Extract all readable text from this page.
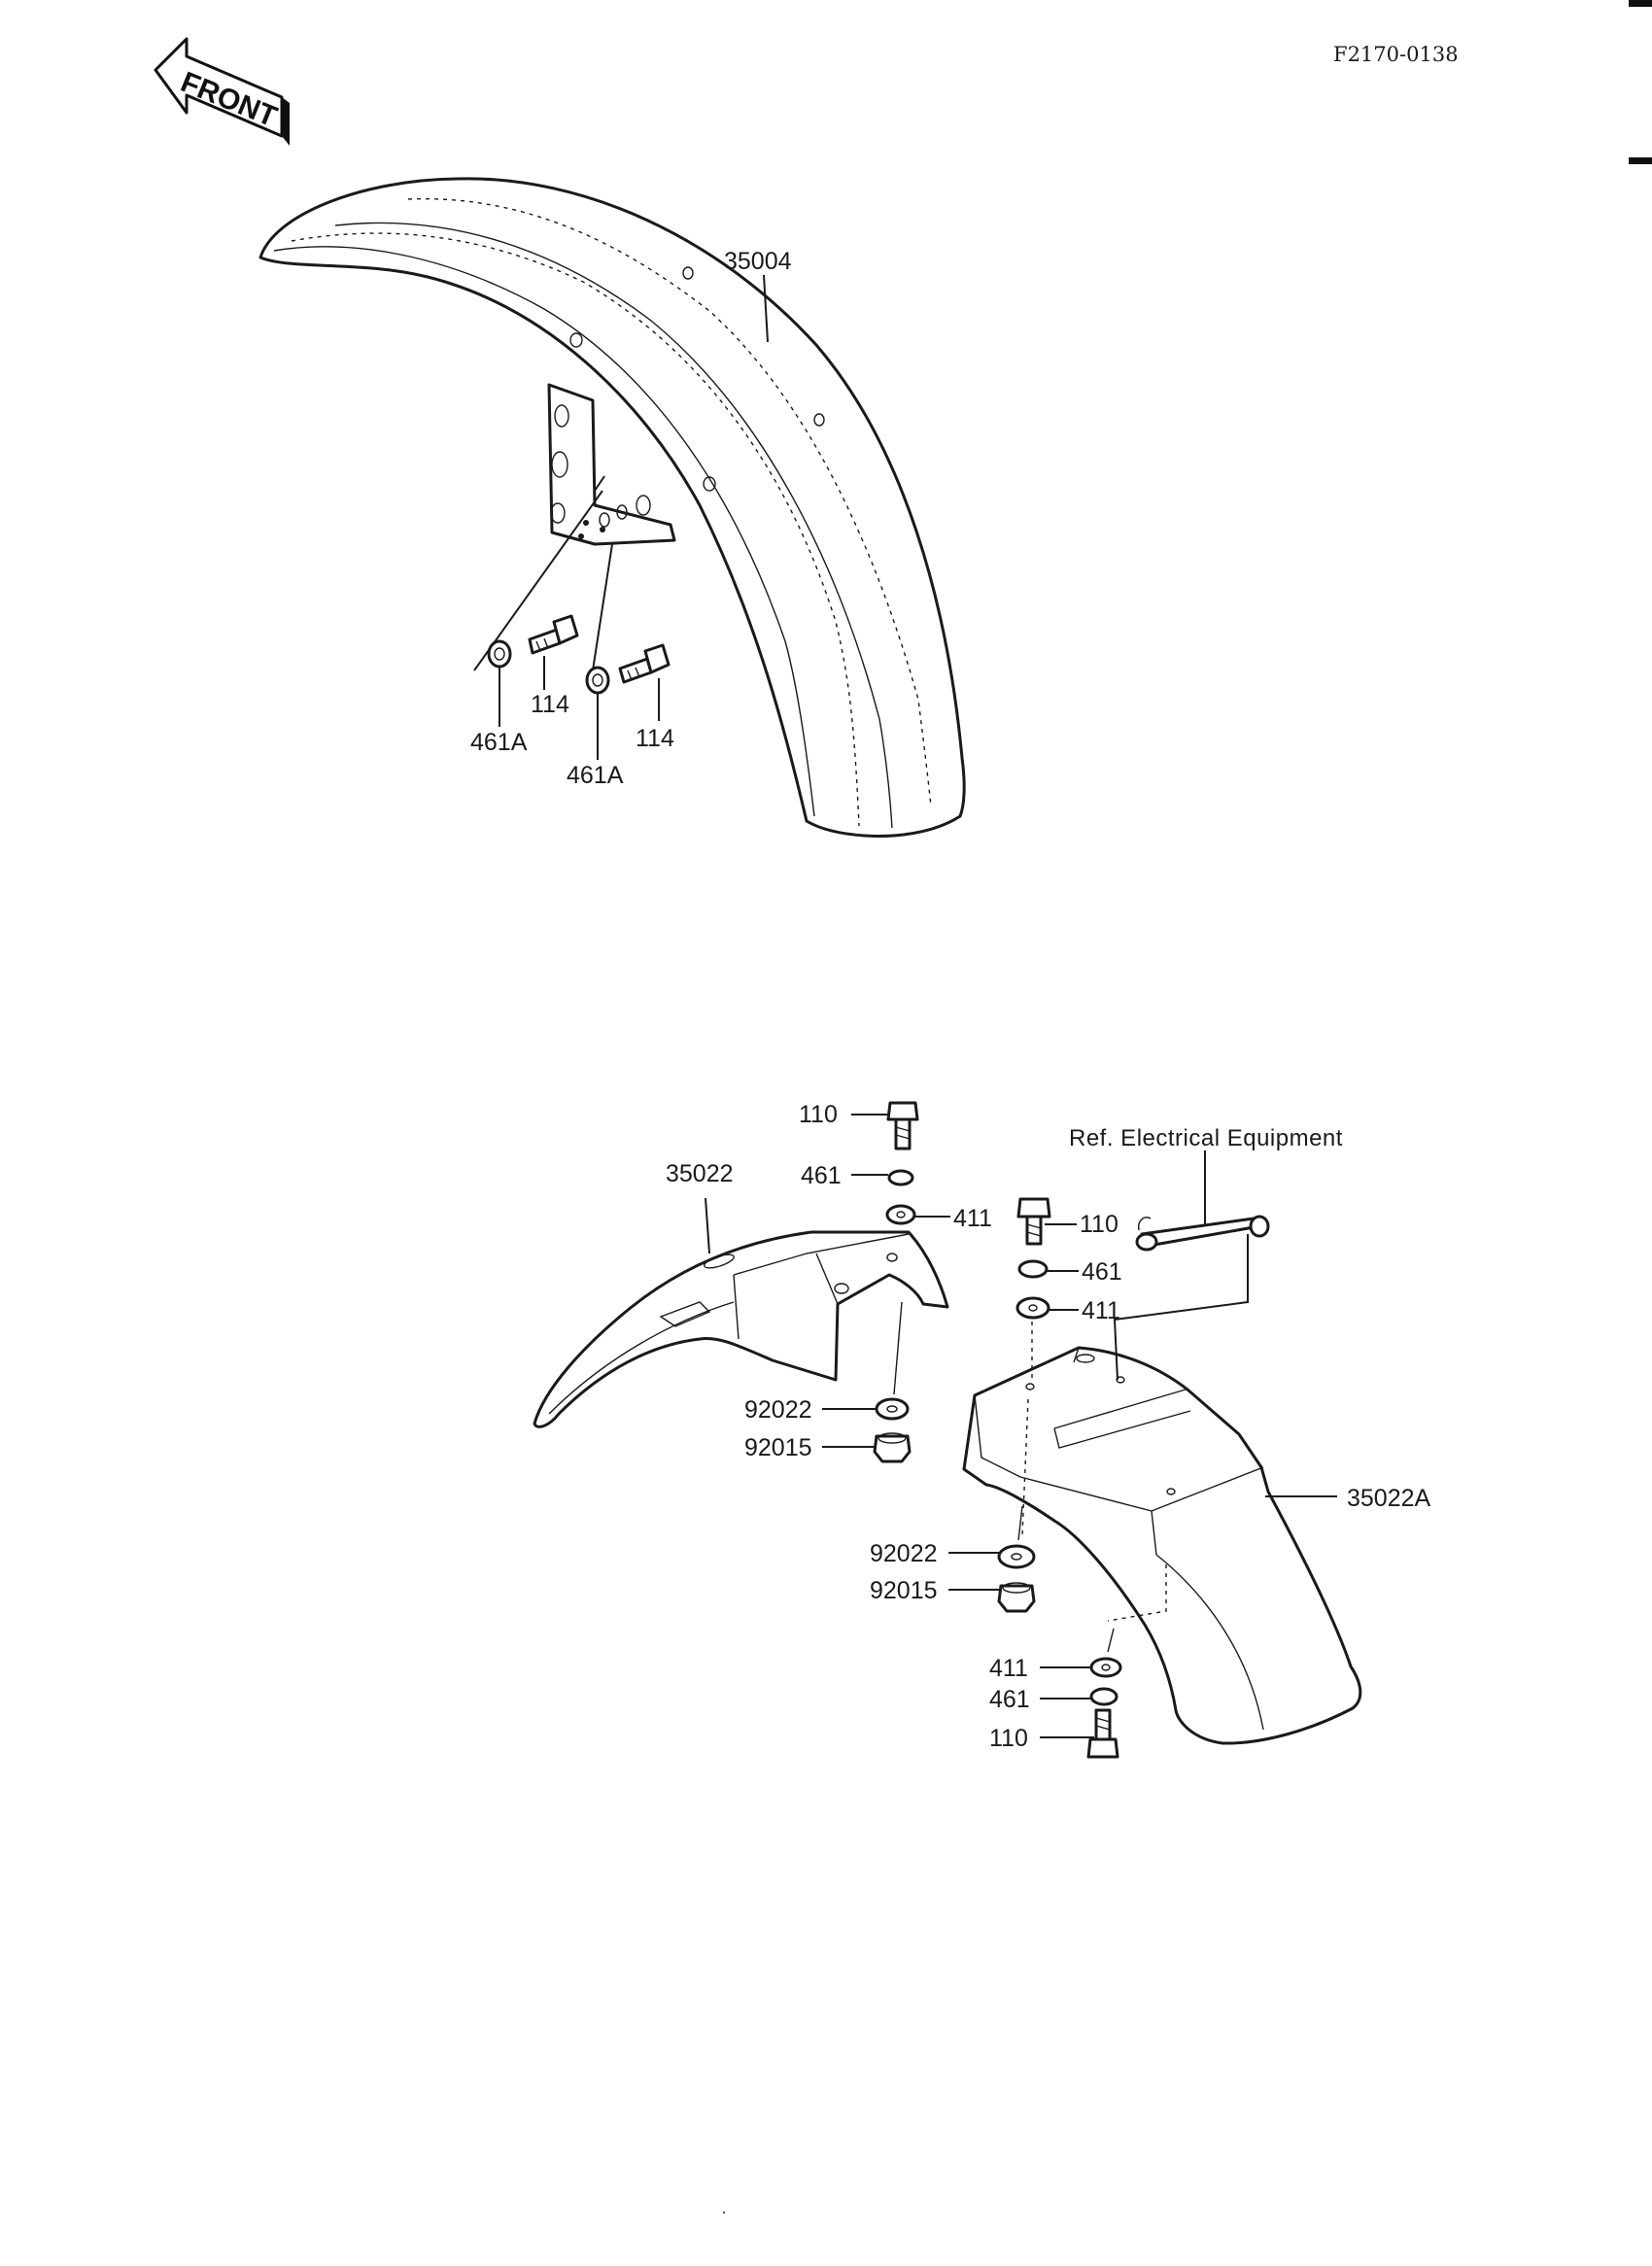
F2170-0138
FRONT
114
461A	114
461A
35004
35022
110
461
411
92022
92015
35022A
Ref. Electrical Equipment
110
461
411
92022
92015
411
461
110
